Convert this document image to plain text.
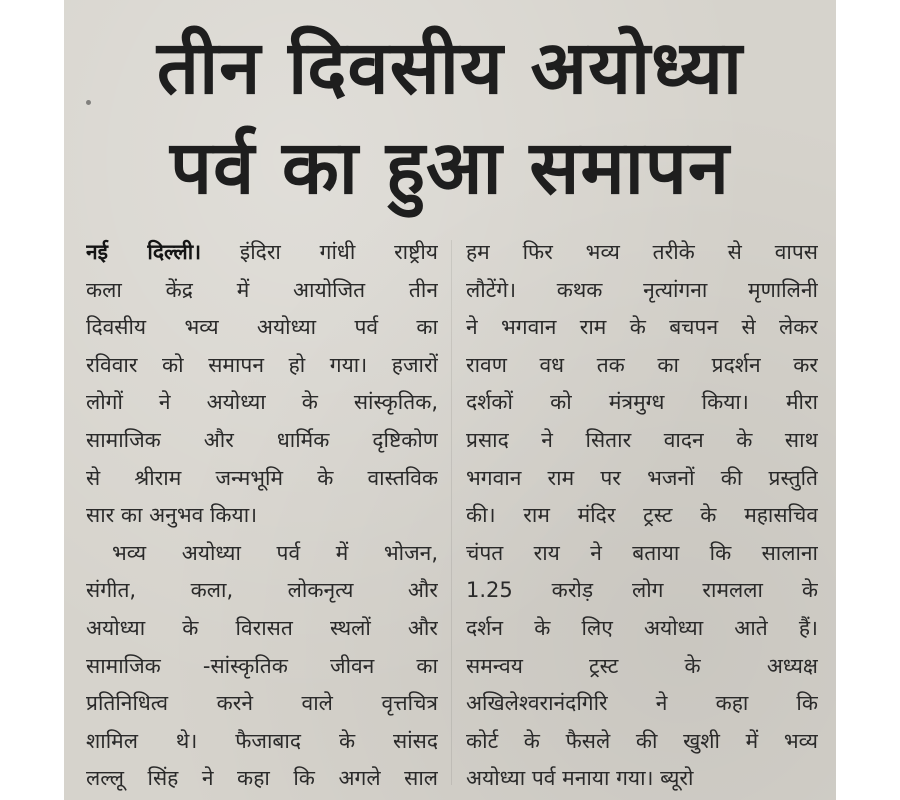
तीन दिवसीय अयोध्या
पर्व का हुआ समापन
नई दिल्ली। इंदिरा गांधी राष्ट्रीय
कला केंद्र में आयोजित तीन
दिवसीय भव्य अयोध्या पर्व का
रविवार को समापन हो गया। हजारों
लोगों ने अयोध्या के सांस्कृतिक,
सामाजिक और धार्मिक दृष्टिकोण
से श्रीराम जन्मभूमि के वास्तविक
सार का अनुभव किया।
भव्य अयोध्या पर्व में भोजन,
संगीत, कला, लोकनृत्य और
अयोध्या के विरासत स्थलों और
सामाजिक -सांस्कृतिक जीवन का
प्रतिनिधित्व करने वाले वृत्तचित्र
शामिल थे। फैजाबाद के सांसद
लल्लू सिंह ने कहा कि अगले साल
हम फिर भव्य तरीके से वापस
लौटेंगे। कथक नृत्यांगना मृणालिनी
ने भगवान राम के बचपन से लेकर
रावण वध तक का प्रदर्शन कर
दर्शकों को मंत्रमुग्ध किया। मीरा
प्रसाद ने सितार वादन के साथ
भगवान राम पर भजनों की प्रस्तुति
की। राम मंदिर ट्रस्ट के महासचिव
चंपत राय ने बताया कि सालाना
1.25 करोड़ लोग रामलला के
दर्शन के लिए अयोध्या आते हैं।
समन्वय ट्रस्ट के अध्यक्ष
अखिलेश्वरानंदगिरि ने कहा कि
कोर्ट के फैसले की खुशी में भव्य
अयोध्या पर्व मनाया गया। ब्यूरो
